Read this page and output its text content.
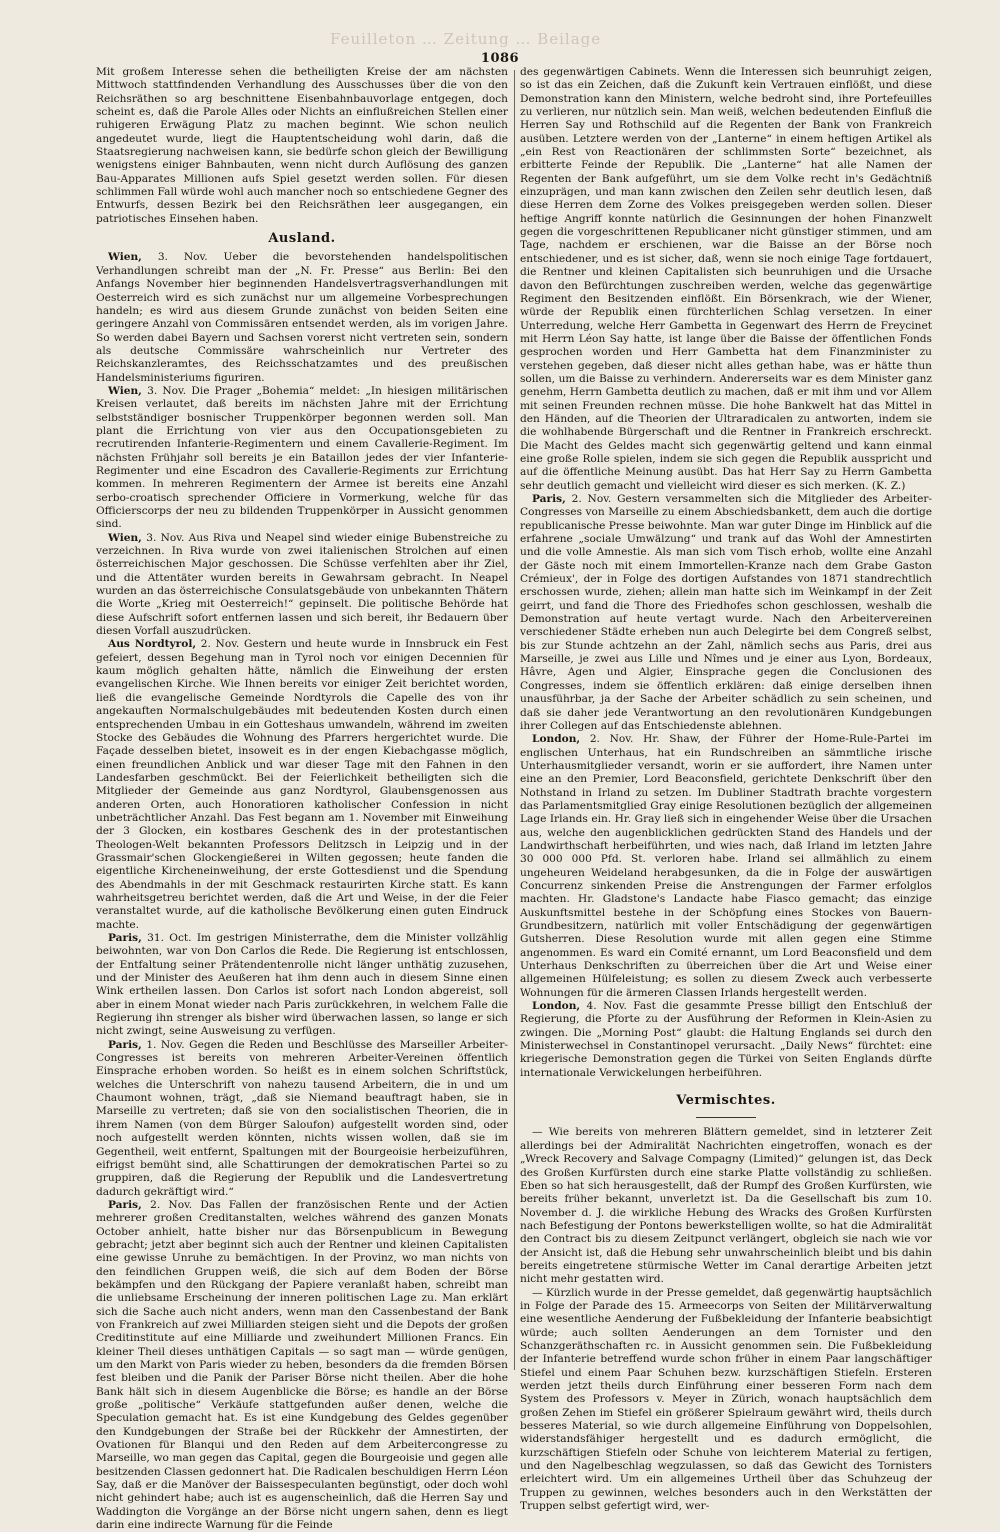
Feuilleton … Zeitung … Beilage
1086

Mit großem Interesse sehen die betheiligten Kreise der am nächsten Mittwoch stattfindenden Verhandlung des Ausschusses über die von den Reichsräthen so arg beschnittene Eisenbahnbauvorlage entgegen, doch scheint es, daß die Parole Alles oder Nichts an einflußreichen Stellen einer ruhigeren Erwägung Platz zu machen beginnt. Wie schon neulich angedeutet wurde, liegt die Hauptentscheidung wohl darin, daß die Staatsregierung nachweisen kann, sie bedürfe schon gleich der Bewilligung wenigstens einiger Bahnbauten, wenn nicht durch Auflösung des ganzen Bau-Apparates Millionen aufs Spiel gesetzt werden sollen. Für diesen schlimmen Fall würde wohl auch mancher noch so entschiedene Gegner des Entwurfs, dessen Bezirk bei den Reichsräthen leer ausgegangen, ein patriotisches Einsehen haben.

Ausland.

Wien, 3. Nov. Ueber die bevorstehenden handelspolitischen Verhandlungen schreibt man der „N. Fr. Presse“ aus Berlin: Bei den Anfangs November hier beginnenden Handelsvertragsverhandlungen mit Oesterreich wird es sich zunächst nur um allgemeine Vorbesprechungen handeln; es wird aus diesem Grunde zunächst von beiden Seiten eine geringere Anzahl von Commissären entsendet werden, als im vorigen Jahre. So werden dabei Bayern und Sachsen vorerst nicht vertreten sein, sondern als deutsche Commissäre wahrscheinlich nur Vertreter des Reichskanzleramtes, des Reichsschatzamtes und des preußischen Handelsministeriums figuriren.

Wien, 3. Nov. Die Prager „Bohemia“ meldet: „In hiesigen militärischen Kreisen verlautet, daß bereits im nächsten Jahre mit der Errichtung selbstständiger bosnischer Truppenkörper begonnen werden soll. Man plant die Errichtung von vier aus den Occupationsgebieten zu recrutirenden Infanterie-Regimentern und einem Cavallerie-Regiment. Im nächsten Frühjahr soll bereits je ein Bataillon jedes der vier Infanterie-Regimenter und eine Escadron des Cavallerie-Regiments zur Errichtung kommen. In mehreren Regimentern der Armee ist bereits eine Anzahl serbo-croatisch sprechender Officiere in Vormerkung, welche für das Officierscorps der neu zu bildenden Truppenkörper in Aussicht genommen sind.

Wien, 3. Nov. Aus Riva und Neapel sind wieder einige Bubenstreiche zu verzeichnen. In Riva wurde von zwei italienischen Strolchen auf einen österreichischen Major geschossen. Die Schüsse verfehlten aber ihr Ziel, und die Attentäter wurden bereits in Gewahrsam gebracht. In Neapel wurden an das österreichische Consulatsgebäude von unbekannten Thätern die Worte „Krieg mit Oesterreich!“ gepinselt. Die politische Behörde hat diese Aufschrift sofort entfernen lassen und sich bereit, ihr Bedauern über diesen Vorfall auszudrücken.

Aus Nordtyrol, 2. Nov. Gestern und heute wurde in Innsbruck ein Fest gefeiert, dessen Begehung man in Tyrol noch vor einigen Decennien für kaum möglich gehalten hätte, nämlich die Einweihung der ersten evangelischen Kirche. Wie Ihnen bereits vor einiger Zeit berichtet worden, ließ die evangelische Gemeinde Nordtyrols die Capelle des von ihr angekauften Normalschulgebäudes mit bedeutenden Kosten durch einen entsprechenden Umbau in ein Gotteshaus umwandeln, während im zweiten Stocke des Gebäudes die Wohnung des Pfarrers hergerichtet wurde. Die Façade desselben bietet, insoweit es in der engen Kiebachgasse möglich, einen freundlichen Anblick und war dieser Tage mit den Fahnen in den Landesfarben geschmückt. Bei der Feierlichkeit betheiligten sich die Mitglieder der Gemeinde aus ganz Nordtyrol, Glaubensgenossen aus anderen Orten, auch Honoratioren katholischer Confession in nicht unbeträchtlicher Anzahl. Das Fest begann am 1. November mit Einweihung der 3 Glocken, ein kostbares Geschenk des in der protestantischen Theologen-Welt bekannten Professors Delitzsch in Leipzig und in der Grassmair'schen Glockengießerei in Wilten gegossen; heute fanden die eigentliche Kircheneinweihung, der erste Gottesdienst und die Spendung des Abendmahls in der mit Geschmack restaurirten Kirche statt. Es kann wahrheitsgetreu berichtet werden, daß die Art und Weise, in der die Feier veranstaltet wurde, auf die katholische Bevölkerung einen guten Eindruck machte.

Paris, 31. Oct. Im gestrigen Ministerrathe, dem die Minister vollzählig beiwohnten, war von Don Carlos die Rede. Die Regierung ist entschlossen, der Entfaltung seiner Prätendentenrolle nicht länger unthätig zuzusehen, und der Minister des Aeußeren hat ihm denn auch in diesem Sinne einen Wink ertheilen lassen. Don Carlos ist sofort nach London abgereist, soll aber in einem Monat wieder nach Paris zurückkehren, in welchem Falle die Regierung ihn strenger als bisher wird überwachen lassen, so lange er sich nicht zwingt, seine Ausweisung zu verfügen.

Paris, 1. Nov. Gegen die Reden und Beschlüsse des Marseiller Arbeiter-Congresses ist bereits von mehreren Arbeiter-Vereinen öffentlich Einsprache erhoben worden. So heißt es in einem solchen Schriftstück, welches die Unterschrift von nahezu tausend Arbeitern, die in und um Chaumont wohnen, trägt, „daß sie Niemand beauftragt haben, sie in Marseille zu vertreten; daß sie von den socialistischen Theorien, die in ihrem Namen (von dem Bürger Saloufon) aufgestellt worden sind, oder noch aufgestellt werden könnten, nichts wissen wollen, daß sie im Gegentheil, weit entfernt, Spaltungen mit der Bourgeoisie herbeizuführen, eifrigst bemüht sind, alle Schattirungen der demokratischen Partei so zu gruppiren, daß die Regierung der Republik und die Landesvertretung dadurch gekräftigt wird.“

Paris, 2. Nov. Das Fallen der französischen Rente und der Actien mehrerer großen Creditanstalten, welches während des ganzen Monats October anhielt, hatte bisher nur das Börsenpublicum in Bewegung gebracht; jetzt aber beginnt sich auch der Rentner und kleinen Capitalisten eine gewisse Unruhe zu bemächtigen. In der Provinz, wo man nichts von den feindlichen Gruppen weiß, die sich auf dem Boden der Börse bekämpfen und den Rückgang der Papiere veranlaßt haben, schreibt man die unliebsame Erscheinung der inneren politischen Lage zu. Man erklärt sich die Sache auch nicht anders, wenn man den Cassenbestand der Bank von Frankreich auf zwei Milliarden steigen sieht und die Depots der großen Creditinstitute auf eine Milliarde und zweihundert Millionen Francs. Ein kleiner Theil dieses unthätigen Capitals — so sagt man — würde genügen, um den Markt von Paris wieder zu heben, besonders da die fremden Börsen fest bleiben und die Panik der Pariser Börse nicht theilen. Aber die hohe Bank hält sich in diesem Augenblicke die Börse; es handle an der Börse große „politische“ Verkäufe stattgefunden außer denen, welche die Speculation gemacht hat. Es ist eine Kundgebung des Geldes gegenüber den Kundgebungen der Straße bei der Rückkehr der Amnestirten, der Ovationen für Blanqui und den Reden auf dem Arbeitercongresse zu Marseille, wo man gegen das Capital, gegen die Bourgeoisie und gegen alle besitzenden Classen gedonnert hat. Die Radicalen beschuldigen Herrn Léon Say, daß er die Manöver der Baissespeculanten begünstigt, oder doch wohl nicht gehindert habe; auch ist es augenscheinlich, daß die Herren Say und Waddington die Vorgänge an der Börse nicht ungern sahen, denn es liegt darin eine indirecte Warnung für die Feinde

des gegenwärtigen Cabinets. Wenn die Interessen sich beunruhigt zeigen, so ist das ein Zeichen, daß die Zukunft kein Vertrauen einflößt, und diese Demonstration kann den Ministern, welche bedroht sind, ihre Portefeuilles zu verlieren, nur nützlich sein. Man weiß, welchen bedeutenden Einfluß die Herren Say und Rothschild auf die Regenten der Bank von Frankreich ausüben. Letztere werden von der „Lanterne“ in einem heftigen Artikel als „ein Rest von Reactionären der schlimmsten Sorte“ bezeichnet, als erbitterte Feinde der Republik. Die „Lanterne“ hat alle Namen der Regenten der Bank aufgeführt, um sie dem Volke recht in's Gedächtniß einzuprägen, und man kann zwischen den Zeilen sehr deutlich lesen, daß diese Herren dem Zorne des Volkes preisgegeben werden sollen. Dieser heftige Angriff konnte natürlich die Gesinnungen der hohen Finanzwelt gegen die vorgeschrittenen Republicaner nicht günstiger stimmen, und am Tage, nachdem er erschienen, war die Baisse an der Börse noch entschiedener, und es ist sicher, daß, wenn sie noch einige Tage fortdauert, die Rentner und kleinen Capitalisten sich beunruhigen und die Ursache davon den Befürchtungen zuschreiben werden, welche das gegenwärtige Regiment den Besitzenden einflößt. Ein Börsenkrach, wie der Wiener, würde der Republik einen fürchterlichen Schlag versetzen. In einer Unterredung, welche Herr Gambetta in Gegenwart des Herrn de Freycinet mit Herrn Léon Say hatte, ist lange über die Baisse der öffentlichen Fonds gesprochen worden und Herr Gambetta hat dem Finanzminister zu verstehen gegeben, daß dieser nicht alles gethan habe, was er hätte thun sollen, um die Baisse zu verhindern. Andererseits war es dem Minister ganz genehm, Herrn Gambetta deutlich zu machen, daß er mit ihm und vor Allem mit seinen Freunden rechnen müsse. Die hohe Bankwelt hat das Mittel in den Händen, auf die Theorien der Ultraradicalen zu antworten, indem sie die wohlhabende Bürgerschaft und die Rentner in Frankreich erschreckt. Die Macht des Geldes macht sich gegenwärtig geltend und kann einmal eine große Rolle spielen, indem sie sich gegen die Republik ausspricht und auf die öffentliche Meinung ausübt. Das hat Herr Say zu Herrn Gambetta sehr deutlich gemacht und vielleicht wird dieser es sich merken. (K. Z.)

Paris, 2. Nov. Gestern versammelten sich die Mitglieder des Arbeiter-Congresses von Marseille zu einem Abschiedsbankett, dem auch die dortige republicanische Presse beiwohnte. Man war guter Dinge im Hinblick auf die erfahrene „sociale Umwälzung“ und trank auf das Wohl der Amnestirten und die volle Amnestie. Als man sich vom Tisch erhob, wollte eine Anzahl der Gäste noch mit einem Immortellen-Kranze nach dem Grabe Gaston Crémieux', der in Folge des dortigen Aufstandes von 1871 standrechtlich erschossen wurde, ziehen; allein man hatte sich im Weinkampf in der Zeit geirrt, und fand die Thore des Friedhofes schon geschlossen, weshalb die Demonstration auf heute vertagt wurde. Nach den Arbeitervereinen verschiedener Städte erheben nun auch Delegirte bei dem Congreß selbst, bis zur Stunde achtzehn an der Zahl, nämlich sechs aus Paris, drei aus Marseille, je zwei aus Lille und Nîmes und je einer aus Lyon, Bordeaux, Hâvre, Agen und Algier, Einsprache gegen die Conclusionen des Congresses, indem sie öffentlich erklären: daß einige derselben ihnen unausführbar, ja der Sache der Arbeiter schädlich zu sein scheinen, und daß sie daher jede Verantwortung an den revolutionären Kundgebungen ihrer Collegen auf das Entschiedenste ablehnen.

London, 2. Nov. Hr. Shaw, der Führer der Home-Rule-Partei im englischen Unterhaus, hat ein Rundschreiben an sämmtliche irische Unterhausmitglieder versandt, worin er sie auffordert, ihre Namen unter eine an den Premier, Lord Beaconsfield, gerichtete Denkschrift über den Nothstand in Irland zu setzen. Im Dubliner Stadtrath brachte vorgestern das Parlamentsmitglied Gray einige Resolutionen bezüglich der allgemeinen Lage Irlands ein. Hr. Gray ließ sich in eingehender Weise über die Ursachen aus, welche den augenblicklichen gedrückten Stand des Handels und der Landwirthschaft herbeiführten, und wies nach, daß Irland im letzten Jahre 30 000 000 Pfd. St. verloren habe. Irland sei allmählich zu einem ungeheuren Weideland herabgesunken, da die in Folge der auswärtigen Concurrenz sinkenden Preise die Anstrengungen der Farmer erfolglos machten. Hr. Gladstone's Landacte habe Fiasco gemacht; das einzige Auskunftsmittel bestehe in der Schöpfung eines Stockes von Bauern-Grundbesitzern, natürlich mit voller Entschädigung der gegenwärtigen Gutsherren. Diese Resolution wurde mit allen gegen eine Stimme angenommen. Es ward ein Comité ernannt, um Lord Beaconsfield und dem Unterhaus Denkschriften zu überreichen über die Art und Weise einer allgemeinen Hülfeleistung; es sollen zu diesem Zweck auch verbesserte Wohnungen für die ärmeren Classen Irlands hergestellt werden.

London, 4. Nov. Fast die gesammte Presse billigt den Entschluß der Regierung, die Pforte zu der Ausführung der Reformen in Klein-Asien zu zwingen. Die „Morning Post“ glaubt: die Haltung Englands sei durch den Ministerwechsel in Constantinopel verursacht. „Daily News“ fürchtet: eine kriegerische Demonstration gegen die Türkei von Seiten Englands dürfte internationale Verwickelungen herbeiführen.

Vermischtes.

— Wie bereits von mehreren Blättern gemeldet, sind in letzterer Zeit allerdings bei der Admiralität Nachrichten eingetroffen, wonach es der „Wreck Recovery and Salvage Compagny (Limited)“ gelungen ist, das Deck des Großen Kurfürsten durch eine starke Platte vollständig zu schließen. Eben so hat sich herausgestellt, daß der Rumpf des Großen Kurfürsten, wie bereits früher bekannt, unverletzt ist. Da die Gesellschaft bis zum 10. November d. J. die wirkliche Hebung des Wracks des Großen Kurfürsten nach Befestigung der Pontons bewerkstelligen wollte, so hat die Admiralität den Contract bis zu diesem Zeitpunct verlängert, obgleich sie nach wie vor der Ansicht ist, daß die Hebung sehr unwahrscheinlich bleibt und bis dahin bereits eingetretene stürmische Wetter im Canal derartige Arbeiten jetzt nicht mehr gestatten wird.

— Kürzlich wurde in der Presse gemeldet, daß gegenwärtig hauptsächlich in Folge der Parade des 15. Armeecorps von Seiten der Militärverwaltung eine wesentliche Aenderung der Fußbekleidung der Infanterie beabsichtigt würde; auch sollten Aenderungen an dem Tornister und den Schanzgeräthschaften rc. in Aussicht genommen sein. Die Fußbekleidung der Infanterie betreffend wurde schon früher in einem Paar langschäftiger Stiefel und einem Paar Schuhen bezw. kurzschäftigen Stiefeln. Ersteren werden jetzt theils durch Einführung einer besseren Form nach dem System des Professors v. Meyer in Zürich, wonach hauptsächlich dem großen Zehen im Stiefel ein größerer Spielraum gewährt wird, theils durch besseres Material, so wie durch allgemeine Einführung von Doppelsohlen, widerstandsfähiger hergestellt und es dadurch ermöglicht, die kurzschäftigen Stiefeln oder Schuhe von leichterem Material zu fertigen, und den Nagelbeschlag wegzulassen, so daß das Gewicht des Tornisters erleichtert wird. Um ein allgemeines Urtheil über das Schuhzeug der Truppen zu gewinnen, welches besonders auch in den Werkstätten der Truppen selbst gefertigt wird, wer-
